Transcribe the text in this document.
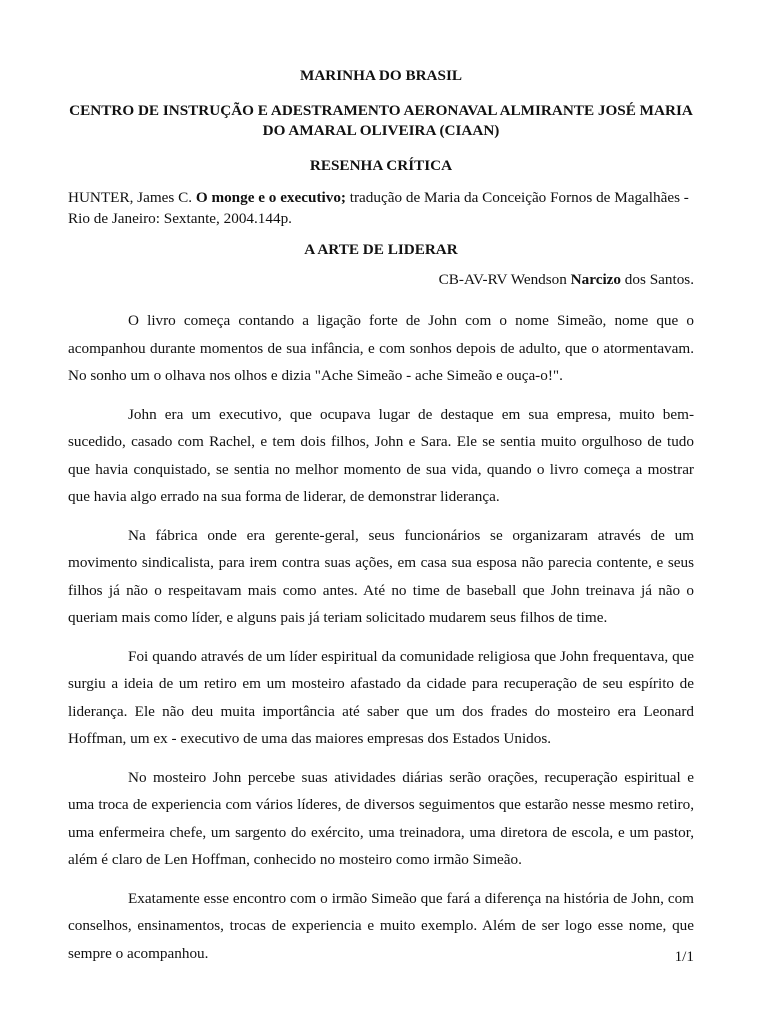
MARINHA DO BRASIL

CENTRO DE INSTRUÇÃO E ADESTRAMENTO AERONAVAL ALMIRANTE JOSÉ MARIA DO AMARAL OLIVEIRA (CIAAN)

RESENHA CRÍTICA

HUNTER, James C. O monge e o executivo; tradução de Maria da Conceição Fornos de Magalhães - Rio de Janeiro: Sextante, 2004.144p.

A ARTE DE LIDERAR

CB-AV-RV Wendson Narcizo dos Santos.

O livro começa contando a ligação forte de John com o nome Simeão, nome que o acompanhou durante momentos de sua infância, e com sonhos depois de adulto, que o atormentavam. No sonho um o olhava nos olhos e dizia "Ache Simeão - ache Simeão e ouça-o!".

John era um executivo, que ocupava lugar de destaque em sua empresa, muito bem-sucedido, casado com Rachel, e tem dois filhos, John e Sara. Ele se sentia muito orgulhoso de tudo que havia conquistado, se sentia no melhor momento de sua vida, quando o livro começa a mostrar que havia algo errado na sua forma de liderar, de demonstrar liderança.

Na fábrica onde era gerente-geral, seus funcionários se organizaram através de um movimento sindicalista, para irem contra suas ações, em casa sua esposa não parecia contente, e seus filhos já não o respeitavam mais como antes. Até no time de baseball que John treinava já não o queriam mais como líder, e alguns pais já teriam solicitado mudarem seus filhos de time.

Foi quando através de um líder espiritual da comunidade religiosa que John frequentava, que surgiu a ideia de um retiro em um mosteiro afastado da cidade para recuperação de seu espírito de liderança. Ele não deu muita importância até saber que um dos frades do mosteiro era Leonard Hoffman, um ex - executivo de uma das maiores empresas dos Estados Unidos.

No mosteiro John percebe suas atividades diárias serão orações, recuperação espiritual e uma troca de experiencia com vários líderes, de diversos seguimentos que estarão nesse mesmo retiro, uma enfermeira chefe, um sargento do exército, uma treinadora, uma diretora de escola, e um pastor, além é claro de Len Hoffman, conhecido no mosteiro como irmão Simeão.

Exatamente esse encontro com o irmão Simeão que fará a diferença na história de John, com conselhos, ensinamentos, trocas de experiencia e muito exemplo. Além de ser logo esse nome, que sempre o acompanhou.	1/1
